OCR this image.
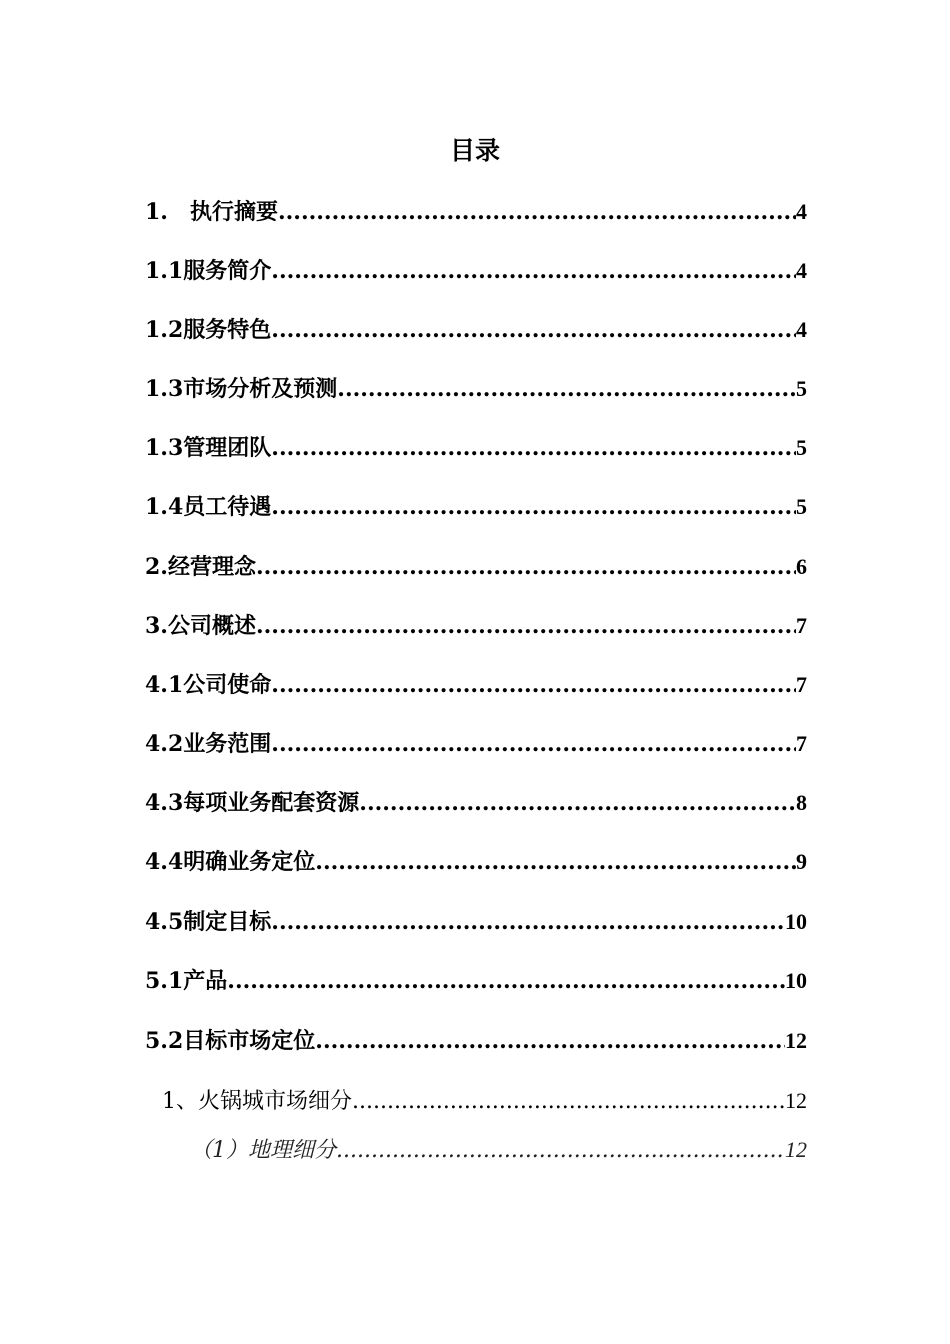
目录
1.　执行摘要 .....	4
1.1服务简介 .....	4
1.2服务特色 .....	4
1.3市场分析及预测 .....	5
1.3管理团队 .....	5
1.4员工待遇 .....	5
2.经营理念 .....	6
3.公司概述 .....	7
4.1公司使命 .....	7
4.2业务范围 .....	7
4.3每项业务配套资源 .....	8
4.4明确业务定位 .....	9
4.5制定目标 .....	10
5.1产品 .....	10
5.2目标市场定位 .....	12
1、火锅城市场细分 .....	12
（1）地理细分 .....	12
